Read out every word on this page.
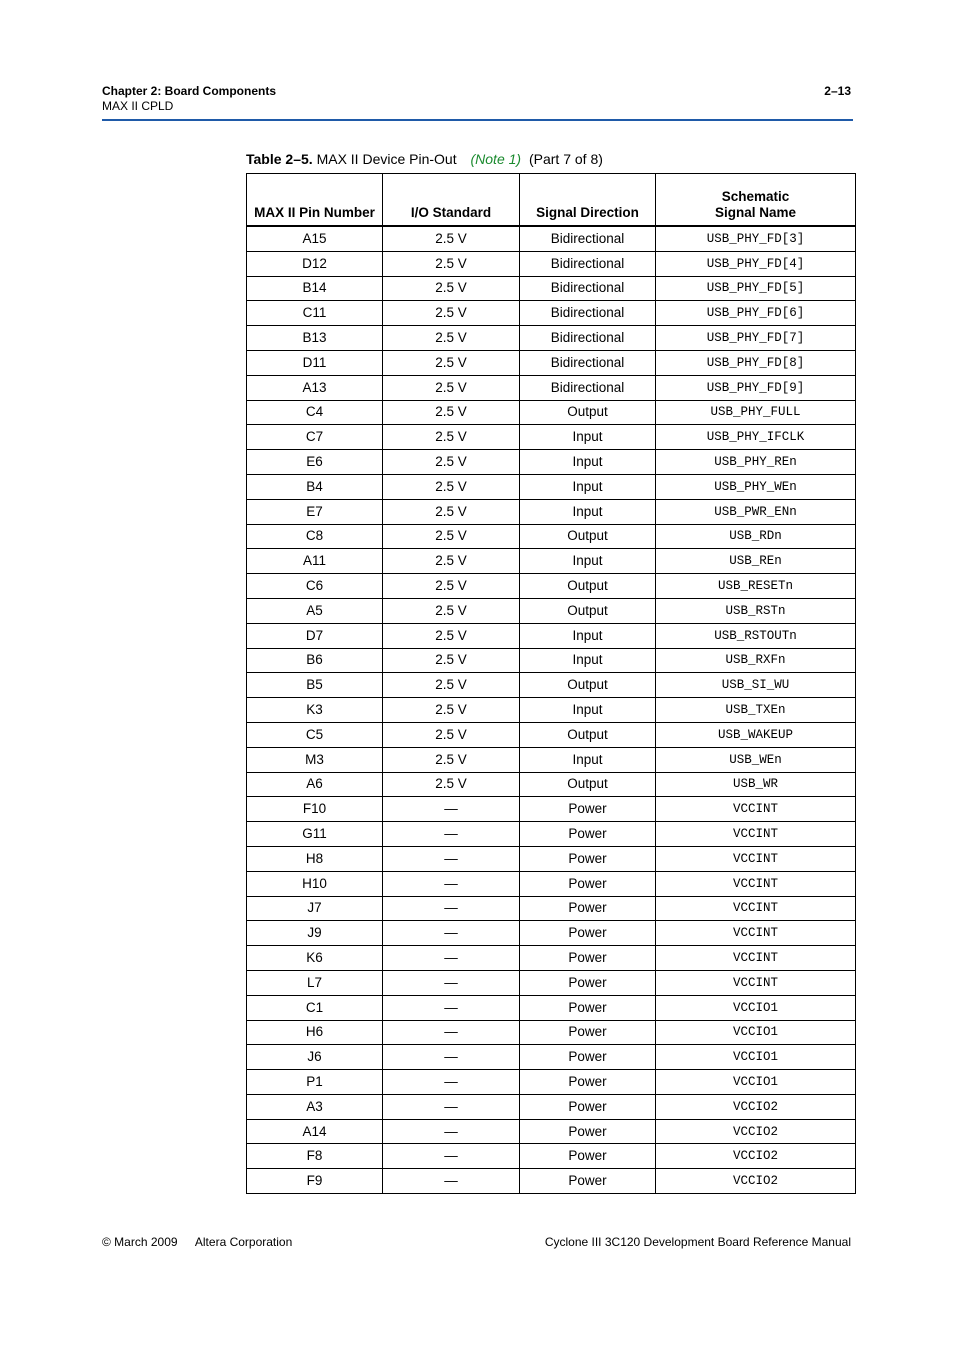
Chapter 2: Board Components
MAX II CPLD
2–13
Table 2–5. MAX II Device Pin-Out (Note 1) (Part 7 of 8)
MAX II Pin Number	I/O Standard	Signal Direction	Schematic
Signal Name
A15	2.5 V	Bidirectional	USB_PHY_FD[3]
D12	2.5 V	Bidirectional	USB_PHY_FD[4]
B14	2.5 V	Bidirectional	USB_PHY_FD[5]
C11	2.5 V	Bidirectional	USB_PHY_FD[6]
B13	2.5 V	Bidirectional	USB_PHY_FD[7]
D11	2.5 V	Bidirectional	USB_PHY_FD[8]
A13	2.5 V	Bidirectional	USB_PHY_FD[9]
C4	2.5 V	Output	USB_PHY_FULL
C7	2.5 V	Input	USB_PHY_IFCLK
E6	2.5 V	Input	USB_PHY_REn
B4	2.5 V	Input	USB_PHY_WEn
E7	2.5 V	Input	USB_PWR_ENn
C8	2.5 V	Output	USB_RDn
A11	2.5 V	Input	USB_REn
C6	2.5 V	Output	USB_RESETn
A5	2.5 V	Output	USB_RSTn
D7	2.5 V	Input	USB_RSTOUTn
B6	2.5 V	Input	USB_RXFn
B5	2.5 V	Output	USB_SI_WU
K3	2.5 V	Input	USB_TXEn
C5	2.5 V	Output	USB_WAKEUP
M3	2.5 V	Input	USB_WEn
A6	2.5 V	Output	USB_WR
F10	—	Power	VCCINT
G11	—	Power	VCCINT
H8	—	Power	VCCINT
H10	—	Power	VCCINT
J7	—	Power	VCCINT
J9	—	Power	VCCINT
K6	—	Power	VCCINT
L7	—	Power	VCCINT
C1	—	Power	VCCIO1
H6	—	Power	VCCIO1
J6	—	Power	VCCIO1
P1	—	Power	VCCIO1
A3	—	Power	VCCIO2
A14	—	Power	VCCIO2
F8	—	Power	VCCIO2
F9	—	Power	VCCIO2
© March 2009 Altera Corporation	Cyclone III 3C120 Development Board Reference Manual
